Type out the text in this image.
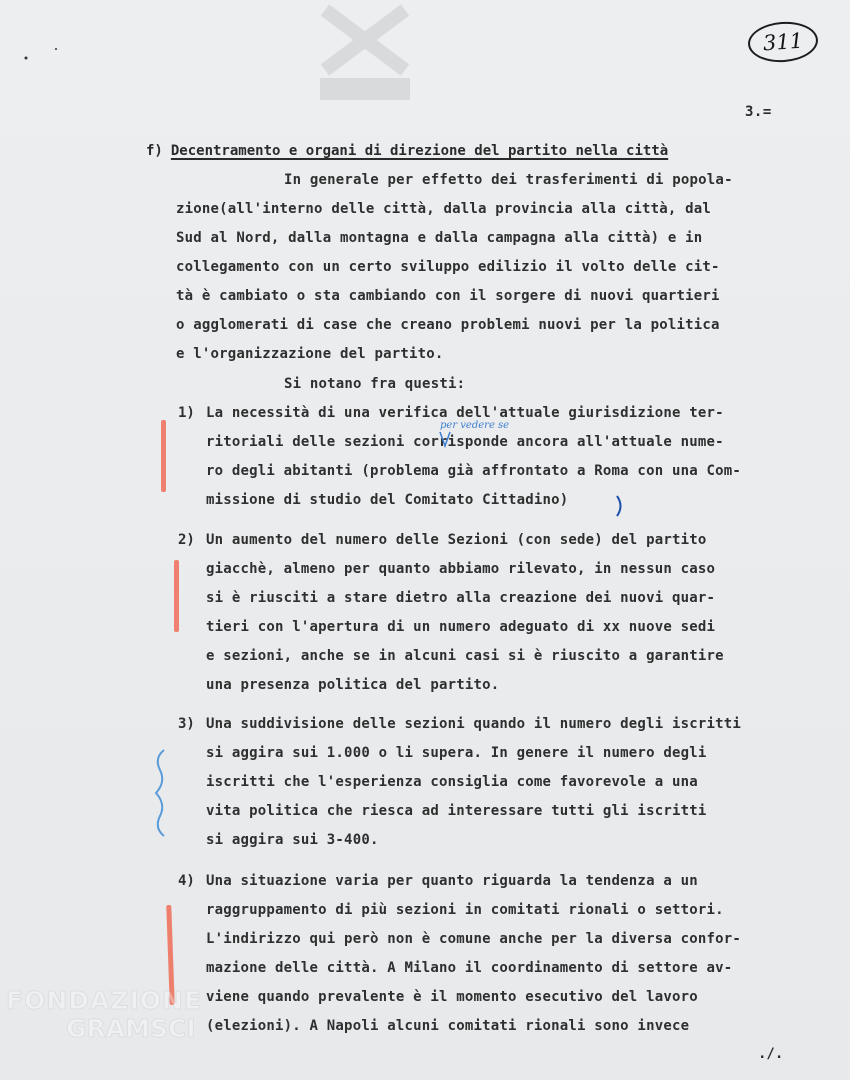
311
3.=
f) Decentramento e organi di direzione del partito nella città
In generale per effetto dei trasferimenti di popola-
zione(all'interno delle città, dalla provincia alla città, dal
Sud al Nord, dalla montagna e dalla campagna alla città) e in
collegamento con un certo sviluppo edilizio il volto delle cit-
tà è cambiato o sta cambiando con il sorgere di nuovi quartieri
o agglomerati di case che creano problemi nuovi per la politica
e l'organizzazione del partito.
Si notano fra questi:
1) La necessità di una verifica dell'attuale giurisdizione ter-
ritoriali delle sezioni corrisponde ancora all'attuale nume-
ro degli abitanti (problema già affrontato a Roma con una Com-
missione di studio del Comitato Cittadino)
per vedere se
2) Un aumento del numero delle Sezioni (con sede) del partito
giacchè, almeno per quanto abbiamo rilevato, in nessun caso
si è riusciti a stare dietro alla creazione dei nuovi quar-
tieri con l'apertura di un numero adeguato di xx nuove sedi
e sezioni, anche se in alcuni casi si è riuscito a garantire
una presenza politica del partito.
3) Una suddivisione delle sezioni quando il numero degli iscritti
si aggira sui 1.000 o li supera. In genere il numero degli
iscritti che l'esperienza consiglia come favorevole a una
vita politica che riesca ad interessare tutti gli iscritti
si aggira sui 3-400.
4) Una situazione varia per quanto riguarda la tendenza a un
raggruppamento di più sezioni in comitati rionali o settori.
L'indirizzo qui però non è comune anche per la diversa confor-
mazione delle città. A Milano il coordinamento di settore av-
viene quando prevalente è il momento esecutivo del lavoro
(elezioni). A Napoli alcuni comitati rionali sono invece
./.
FONDAZIONE
GRAMSCI
